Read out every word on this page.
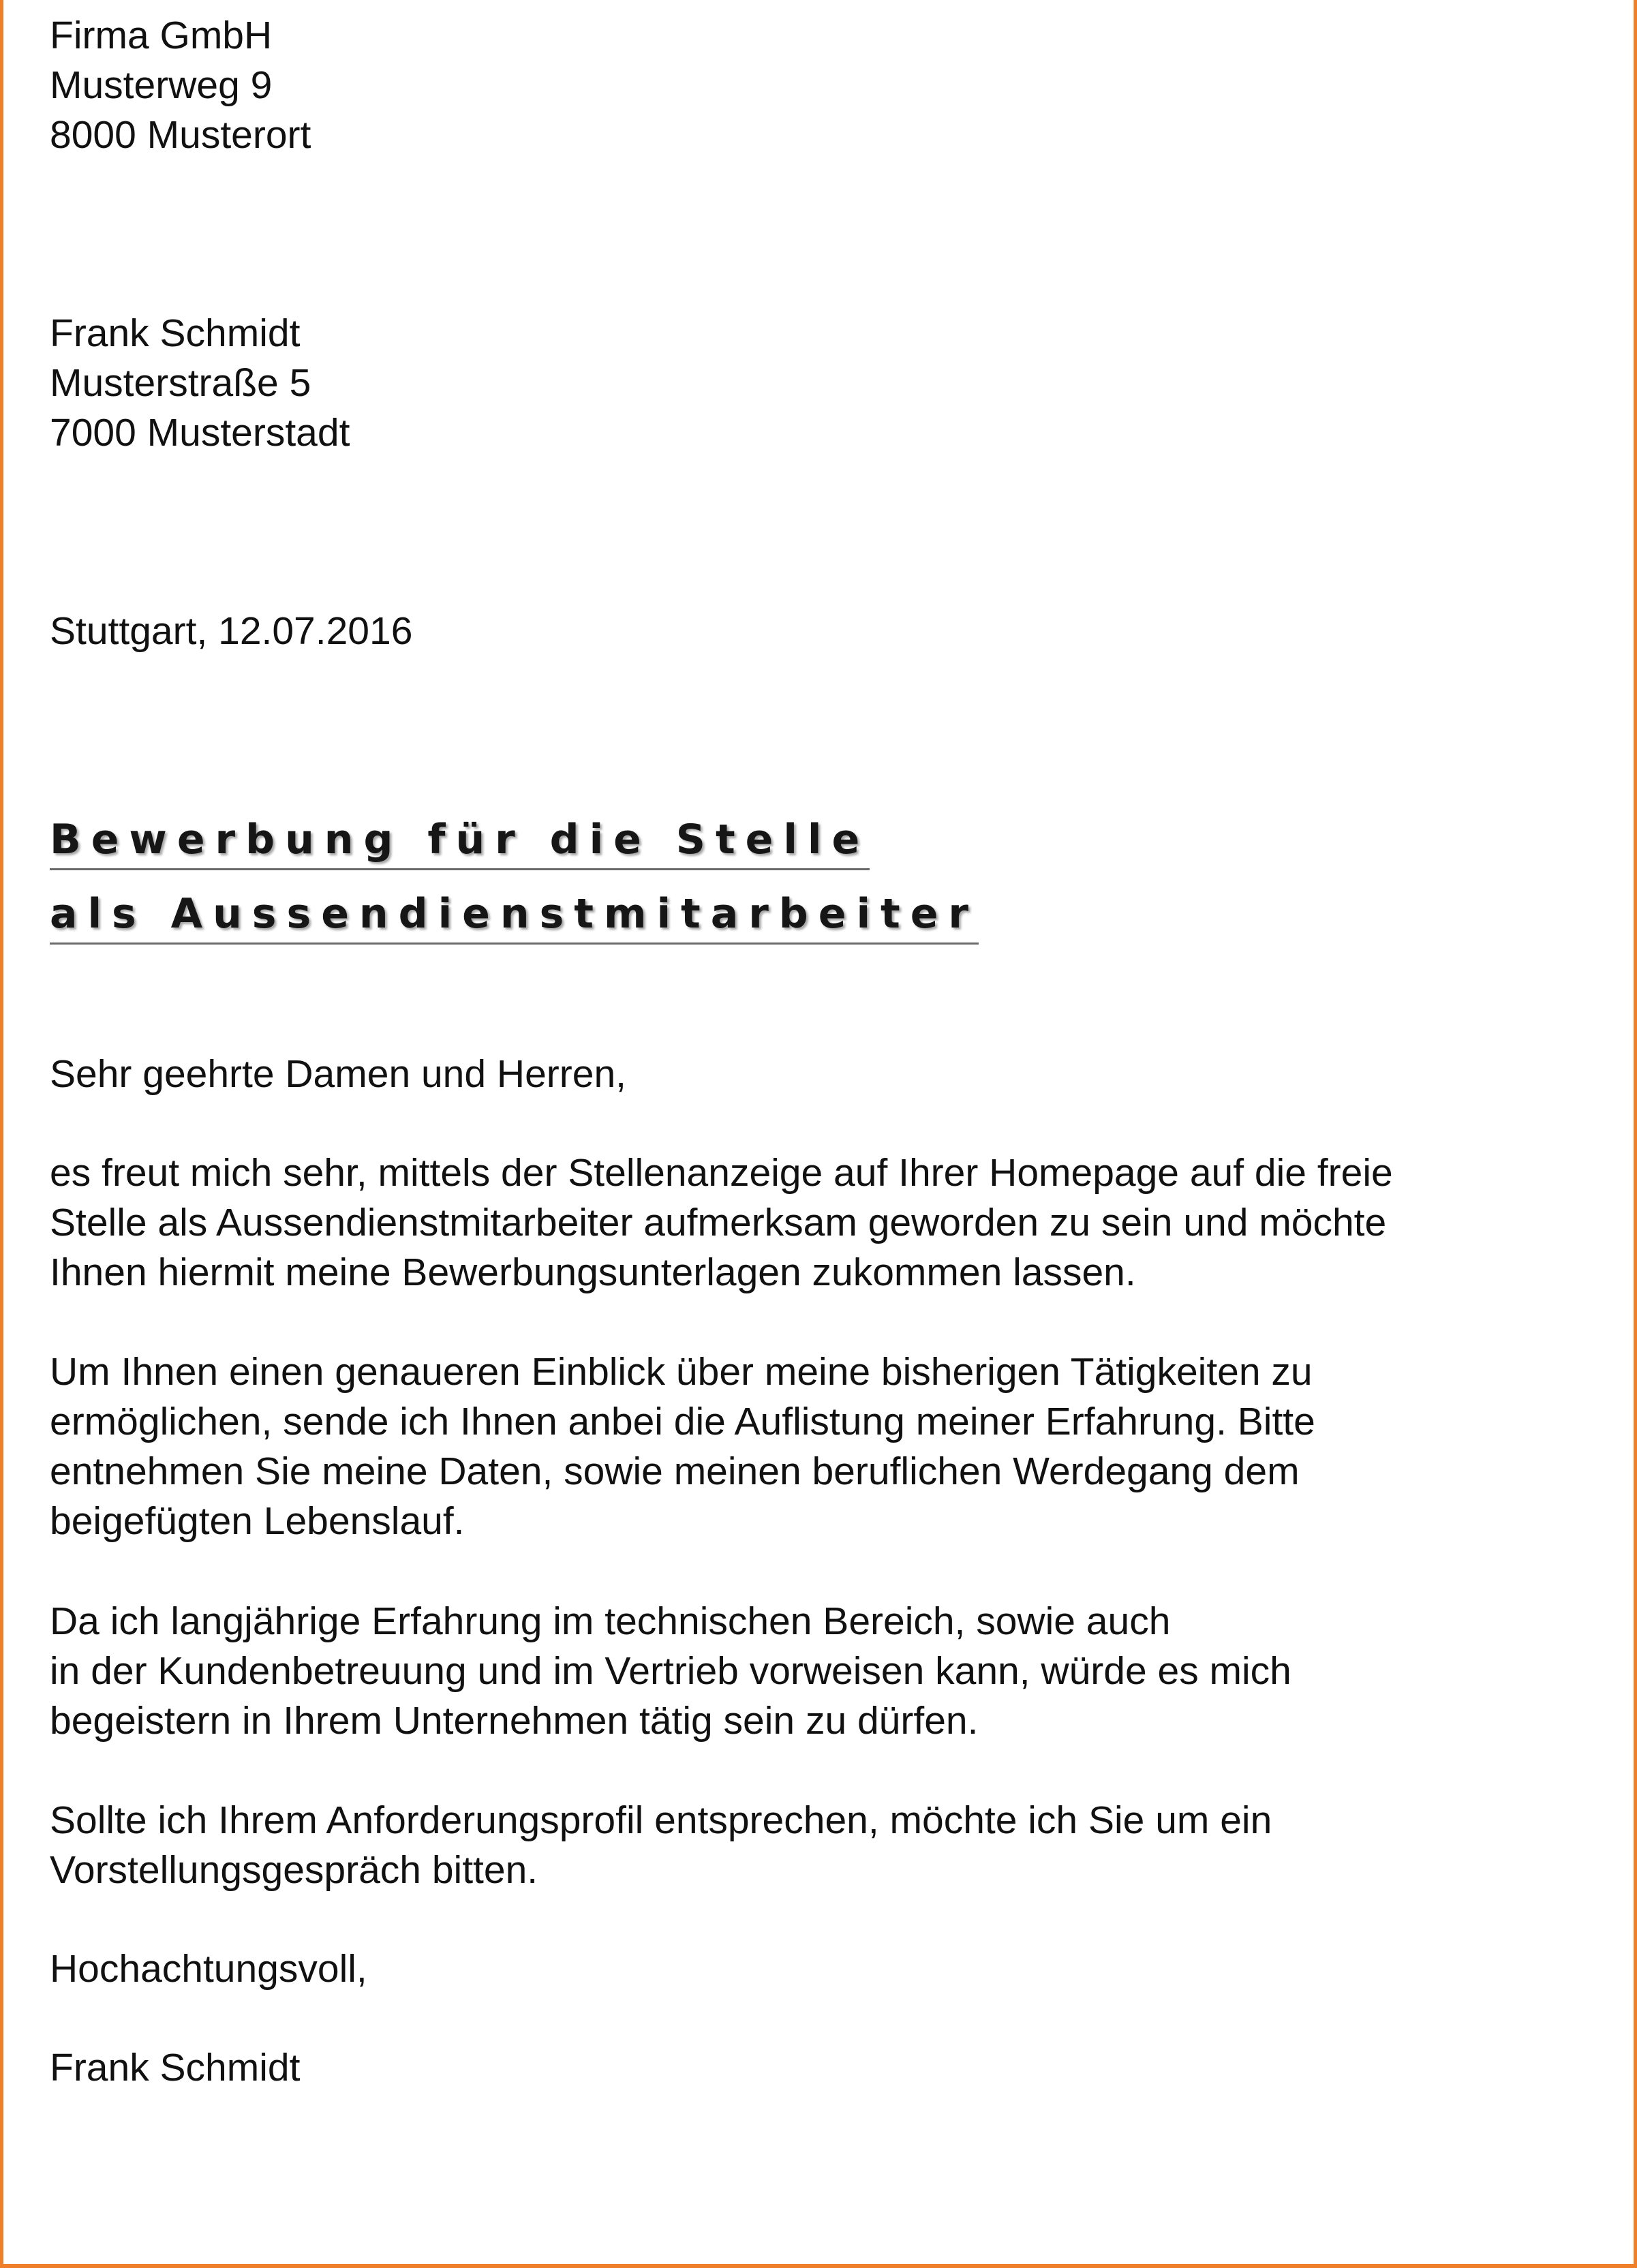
Firma GmbH
Musterweg 9
8000 Musterort
Frank Schmidt
Musterstraße 5
7000 Musterstadt
Stuttgart, 12.07.2016
Bewerbung für die Stelle
als Aussendienstmitarbeiter
Sehr geehrte Damen und Herren,
es freut mich sehr, mittels der Stellenanzeige auf Ihrer Homepage auf die freie
Stelle als Aussendienstmitarbeiter aufmerksam geworden zu sein und möchte
Ihnen hiermit meine Bewerbungsunterlagen zukommen lassen.
Um Ihnen einen genaueren Einblick über meine bisherigen Tätigkeiten zu
ermöglichen, sende ich Ihnen anbei die Auflistung meiner Erfahrung. Bitte
entnehmen Sie meine Daten, sowie meinen beruflichen Werdegang dem
beigefügten Lebenslauf.
Da ich langjährige Erfahrung im technischen Bereich, sowie auch
in der Kundenbetreuung und im Vertrieb vorweisen kann, würde es mich
begeistern in Ihrem Unternehmen tätig sein zu dürfen.
Sollte ich Ihrem Anforderungsprofil entsprechen, möchte ich Sie um ein
Vorstellungsgespräch bitten.
Hochachtungsvoll,
Frank Schmidt
